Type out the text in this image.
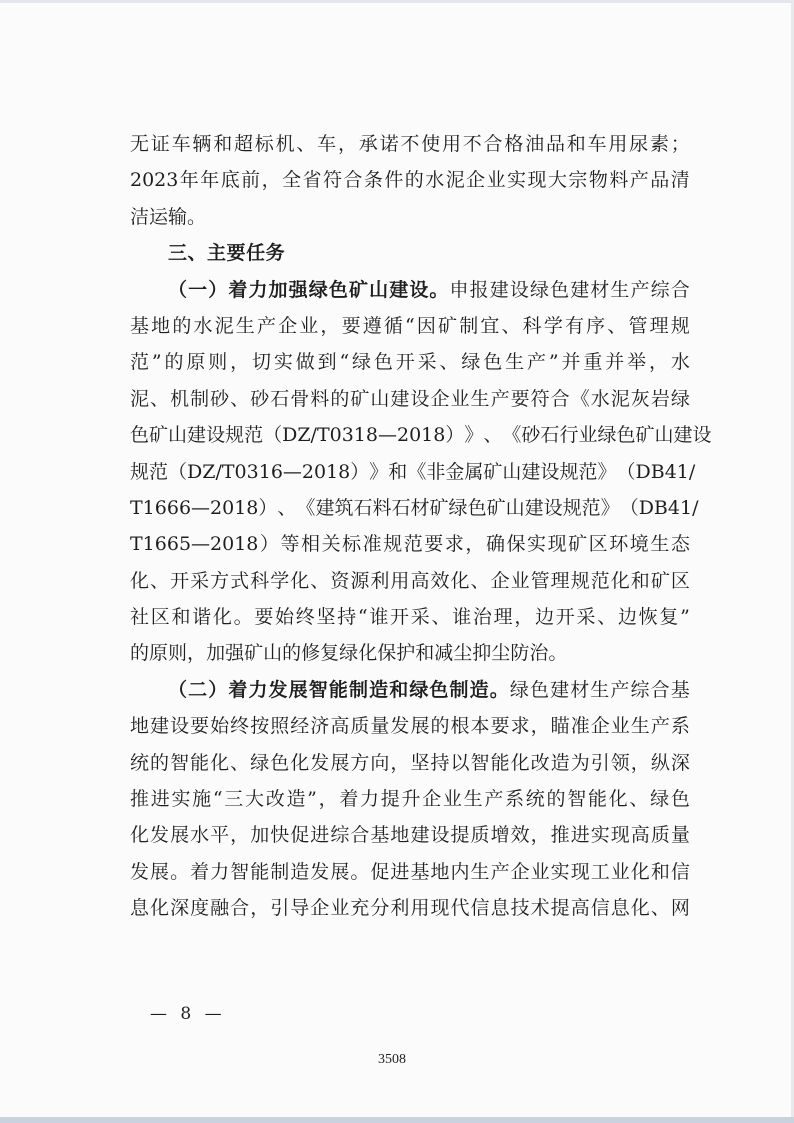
无 证 车 辆 和 超 标 机 、 车 ， 承 诺 不 使 用 不 合 格 油 品 和 车 用 尿 素 ；
2023 年 年 底 前 ， 全 省 符 合 条 件 的 水 泥 企 业 实 现 大 宗 物 料 产 品 清
洁 运 输 。
三 、 主 要 任 务
（ 一 ） 着 力 加 强 绿 色 矿 山 建 设 。 申 报 建 设 绿 色 建 材 生 产 综 合
基 地 的 水 泥 生 产 企 业 ， 要 遵 循 “ 因 矿 制 宜 、 科 学 有 序 、 管 理 规
范 ” 的 原 则 ， 切 实 做 到 “ 绿 色 开 采 、 绿 色 生 产 ” 并 重 并 举 ， 水
泥 、 机 制 砂 、 砂 石 骨 料 的 矿 山 建 设 企 业 生 产 要 符 合 《 水 泥 灰 岩 绿
色 矿 山 建 设 规 范 （ DZ/T0318—2018 ） 》 、 《 砂 石 行 业 绿 色 矿 山 建 设
规 范 （ DZ/T0316—2018 ） 》 和 《 非 金 属 矿 山 建 设 规 范 》 （ DB41/
T1666—2018 ） 、 《 建 筑 石 料 石 材 矿 绿 色 矿 山 建 设 规 范 》 （ DB41/
T1665—2018 ） 等 相 关 标 准 规 范 要 求 ， 确 保 实 现 矿 区 环 境 生 态
化 、 开 采 方 式 科 学 化 、 资 源 利 用 高 效 化 、 企 业 管 理 规 范 化 和 矿 区
社 区 和 谐 化 。 要 始 终 坚 持 “ 谁 开 采 、 谁 治 理 ， 边 开 采 、 边 恢 复 ”
的 原 则 ， 加 强 矿 山 的 修 复 绿 化 保 护 和 减 尘 抑 尘 防 治 。
（ 二 ） 着 力 发 展 智 能 制 造 和 绿 色 制 造 。 绿 色 建 材 生 产 综 合 基
地 建 设 要 始 终 按 照 经 济 高 质 量 发 展 的 根 本 要 求 ， 瞄 准 企 业 生 产 系
统 的 智 能 化 、 绿 色 化 发 展 方 向 ， 坚 持 以 智 能 化 改 造 为 引 领 ， 纵 深
推 进 实 施 “ 三 大 改 造 ” ， 着 力 提 升 企 业 生 产 系 统 的 智 能 化 、 绿 色
化 发 展 水 平 ， 加 快 促 进 综 合 基 地 建 设 提 质 增 效 ， 推 进 实 现 高 质 量
发 展 。 着 力 智 能 制 造 发 展 。 促 进 基 地 内 生 产 企 业 实 现 工 业 化 和 信
息 化 深 度 融 合 ， 引 导 企 业 充 分 利 用 现 代 信 息 技 术 提 高 信 息 化 、 网
— 8 —
3508
